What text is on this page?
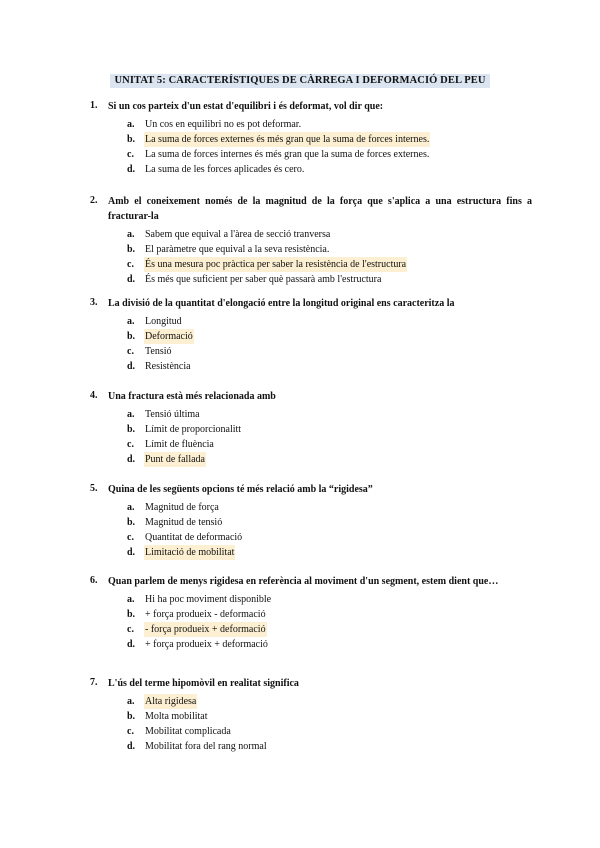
UNITAT 5: CARACTERÍSTIQUES DE CÀRREGA I DEFORMACIÓ DEL PEU
1. Si un cos parteix d'un estat d'equilibri i és deformat, vol dir que:
a. Un cos en equilibri no es pot deformar.
b. La suma de forces externes és més gran que la suma de forces internes.
c. La suma de forces internes és més gran que la suma de forces externes.
d. La suma de les forces aplicades és cero.
2. Amb el coneixement només de la magnitud de la força que s'aplica a una estructura fins a fracturar-la
a. Sabem que equival a l'àrea de secció tranversa
b. El paràmetre que equival a la seva resistència.
c. És una mesura poc pràctica per saber la resistència de l'estructura
d. És més que suficient per saber què passarà amb l'estructura
3. La divisió de la quantitat d'elongació entre la longitud original ens caracteritza la
a. Longitud
b. Deformació
c. Tensió
d. Resistència
4. Una fractura està més relacionada amb
a. Tensió última
b. Límit de proporcionalitt
c. Límit de fluència
d. Punt de fallada
5. Quina de les següents opcions té més relació amb la “rigidesa”
a. Magnitud de força
b. Magnitud de tensió
c. Quantitat de deformació
d. Limitació de mobilitat
6. Quan parlem de menys rigidesa en referència al moviment d'un segment, estem dient que…
a. Hi ha poc moviment disponible
b. + força produeix - deformació
c. - força produeix + deformació
d. + força produeix + deformació
7. L'ús del terme hipomòvil en realitat significa
a. Alta rigidesa
b. Molta mobilitat
c. Mobilitat complicada
d. Mobilitat fora del rang normal
